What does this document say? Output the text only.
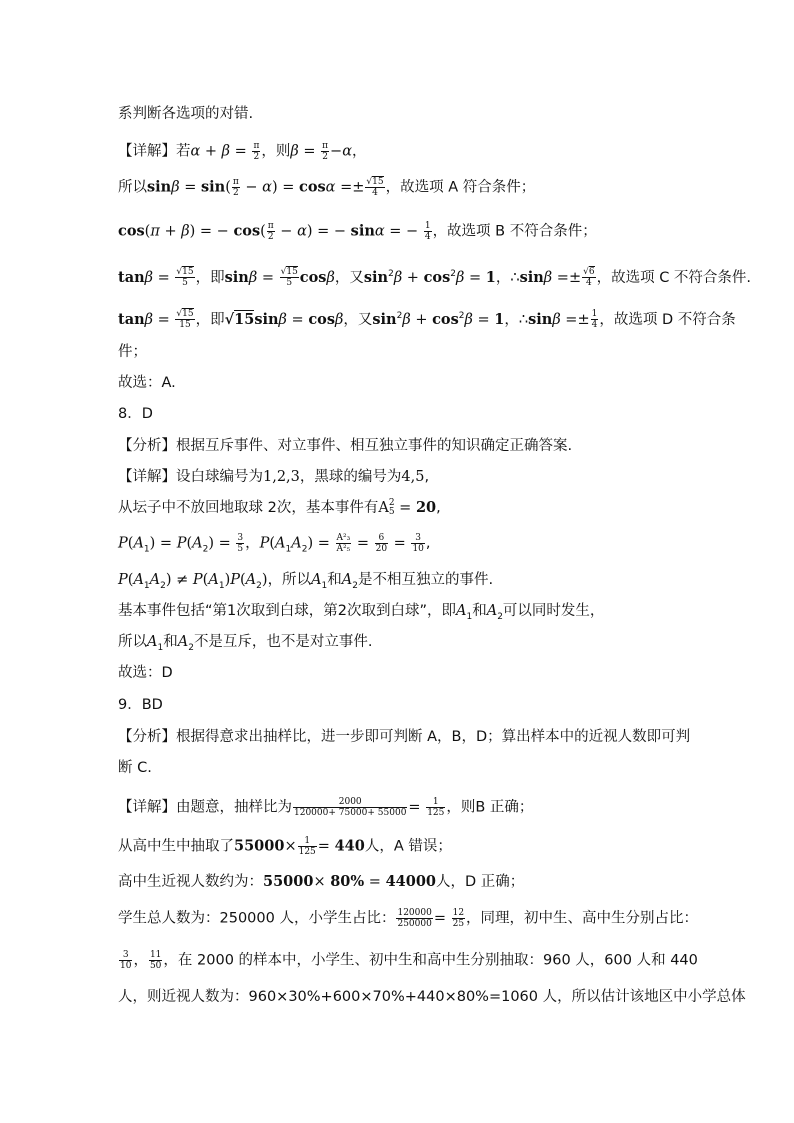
系判断各选项的对错.
【详解】若$\alpha + \beta = \frac{\pi}{2}$ ，则$\beta = \frac{\pi}{2} -\alpha$，
所以$\sin\beta = \sin( \frac{\pi}{2} - \alpha) = \cos\alpha =\pm \frac{√15}{4}$ ，故选项 A 符合条件；
cos(π + β) = − $\cos( \frac{\pi}{2} - \alpha)$ = − sinα = − $\frac{1}{4}$ ，故选项 B 不符合条件；
$\tan\beta = \frac{√15}{5}$ ，即$\sin\beta = \frac{√15}{5}$ cosβ，又$\sin^2\beta + \cos^2\beta = 1$，∴sinβ =± $\frac{√6}{4}$ ，故选项 C 不符合条件.
$\tan\beta = \frac{√15}{15}$ ，即√15sinβ = cosβ，又$\sin^2\beta + \cos^2\beta = 1$，∴sinβ =± $\frac{1}{4}$ ，故选项 D 不符合条
件；
故选：A.
8．D
【分析】根据互斥事件、对立事件、相互独立事件的知识确定正确答案.
【详解】设白球编号为1,2,3，黑球的编号为4,5,
从坛子中不放回地取球 2次，基本事件有A 2
5 = 20,
$P(A_1) = P(A_2) = \frac{3}{5}$ ，$P(A_1A_2) = \frac{\text{A²₃}}{\text{A²₅}} = \frac{6}{20} = \frac{3}{10}$ ,
$P(A_1A_2) \ne P(A_1)P(A_2)$，所以$A_1$和$A_2$是不相互独立的事件.
基本事件包括“第1次取到白球，第2次取到白球”，即$A_1$和$A_2$可以同时发生，
所以$A_1$和$A_2$不是互斥，也不是对立事件.
故选：D
9．BD
【分析】根据得意求出抽样比，进一步即可判断 A，B，D；算出样本中的近视人数即可判
断 C.
【详解】由题意，抽样比为 $\frac{2000}{120000+ 75000+ 55000} = \frac{1}{125}$ ，则B 正确；
从高中生中抽取了$55000\times \frac{1}{125} = 440$人，A 错误；
高中生近视人数约为：55000× 80% = 44000人，D 正确；
学生总人数为：250000 人，小学生占比： $\frac{120000}{250000} = \frac{12}{25}$ ，同理，初中生、高中生分别占比：
$\frac{3}{10}$ ， $\frac{11}{50}$ ，在 2000 的样本中，小学生、初中生和高中生分别抽取：960 人，600 人和 440
人，则近视人数为：960×30%+600×70%+440×80%=1060 人，所以估计该地区中小学总体
